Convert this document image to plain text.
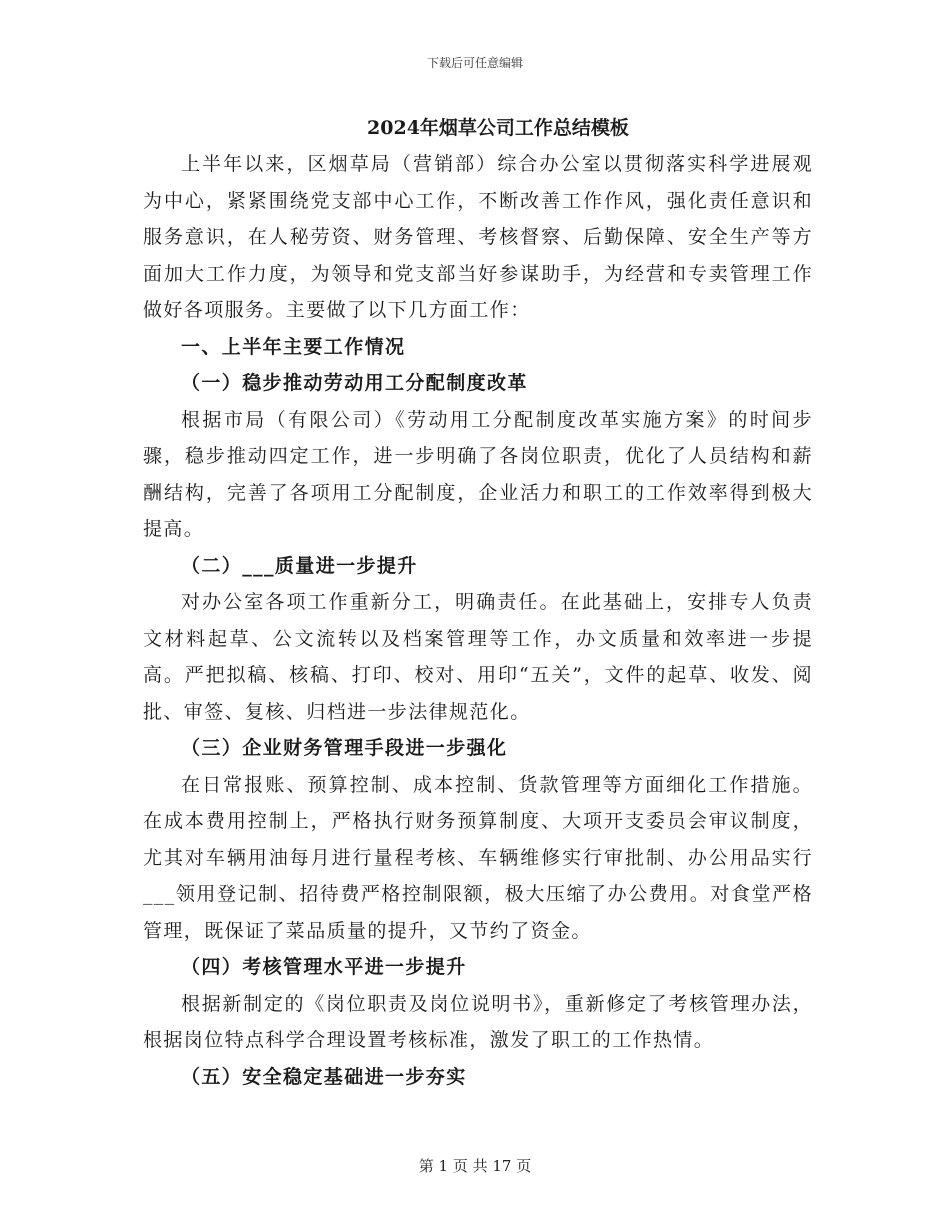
下载后可任意编辑
2024年烟草公司工作总结模板

上半年以来，区烟草局（营销部）综合办公室以贯彻落实科学进展观为中心，紧紧围绕党支部中心工作，不断改善工作作风，强化责任意识和服务意识，在人秘劳资、财务管理、考核督察、后勤保障、安全生产等方面加大工作力度，为领导和党支部当好参谋助手，为经营和专卖管理工作做好各项服务。主要做了以下几方面工作：

一、上半年主要工作情况

（一）稳步推动劳动用工分配制度改革

根据市局（有限公司）《劳动用工分配制度改革实施方案》的时间步骤，稳步推动四定工作，进一步明确了各岗位职责，优化了人员结构和薪酬结构，完善了各项用工分配制度，企业活力和职工的工作效率得到极大提高。

（二）___质量进一步提升

对办公室各项工作重新分工，明确责任。在此基础上，安排专人负责文材料起草、公文流转以及档案管理等工作，办文质量和效率进一步提高。严把拟稿、核稿、打印、校对、用印“五关”，文件的起草、收发、阅批、审签、复核、归档进一步法律规范化。

（三）企业财务管理手段进一步强化

在日常报账、预算控制、成本控制、货款管理等方面细化工作措施。在成本费用控制上，严格执行财务预算制度、大项开支委员会审议制度，尤其对车辆用油每月进行量程考核、车辆维修实行审批制、办公用品实行___领用登记制、招待费严格控制限额，极大压缩了办公费用。对食堂严格管理，既保证了菜品质量的提升，又节约了资金。

（四）考核管理水平进一步提升

根据新制定的《岗位职责及岗位说明书》，重新修定了考核管理办法，根据岗位特点科学合理设置考核标准，激发了职工的工作热情。

（五）安全稳定基础进一步夯实

第 1 页 共 17 页
